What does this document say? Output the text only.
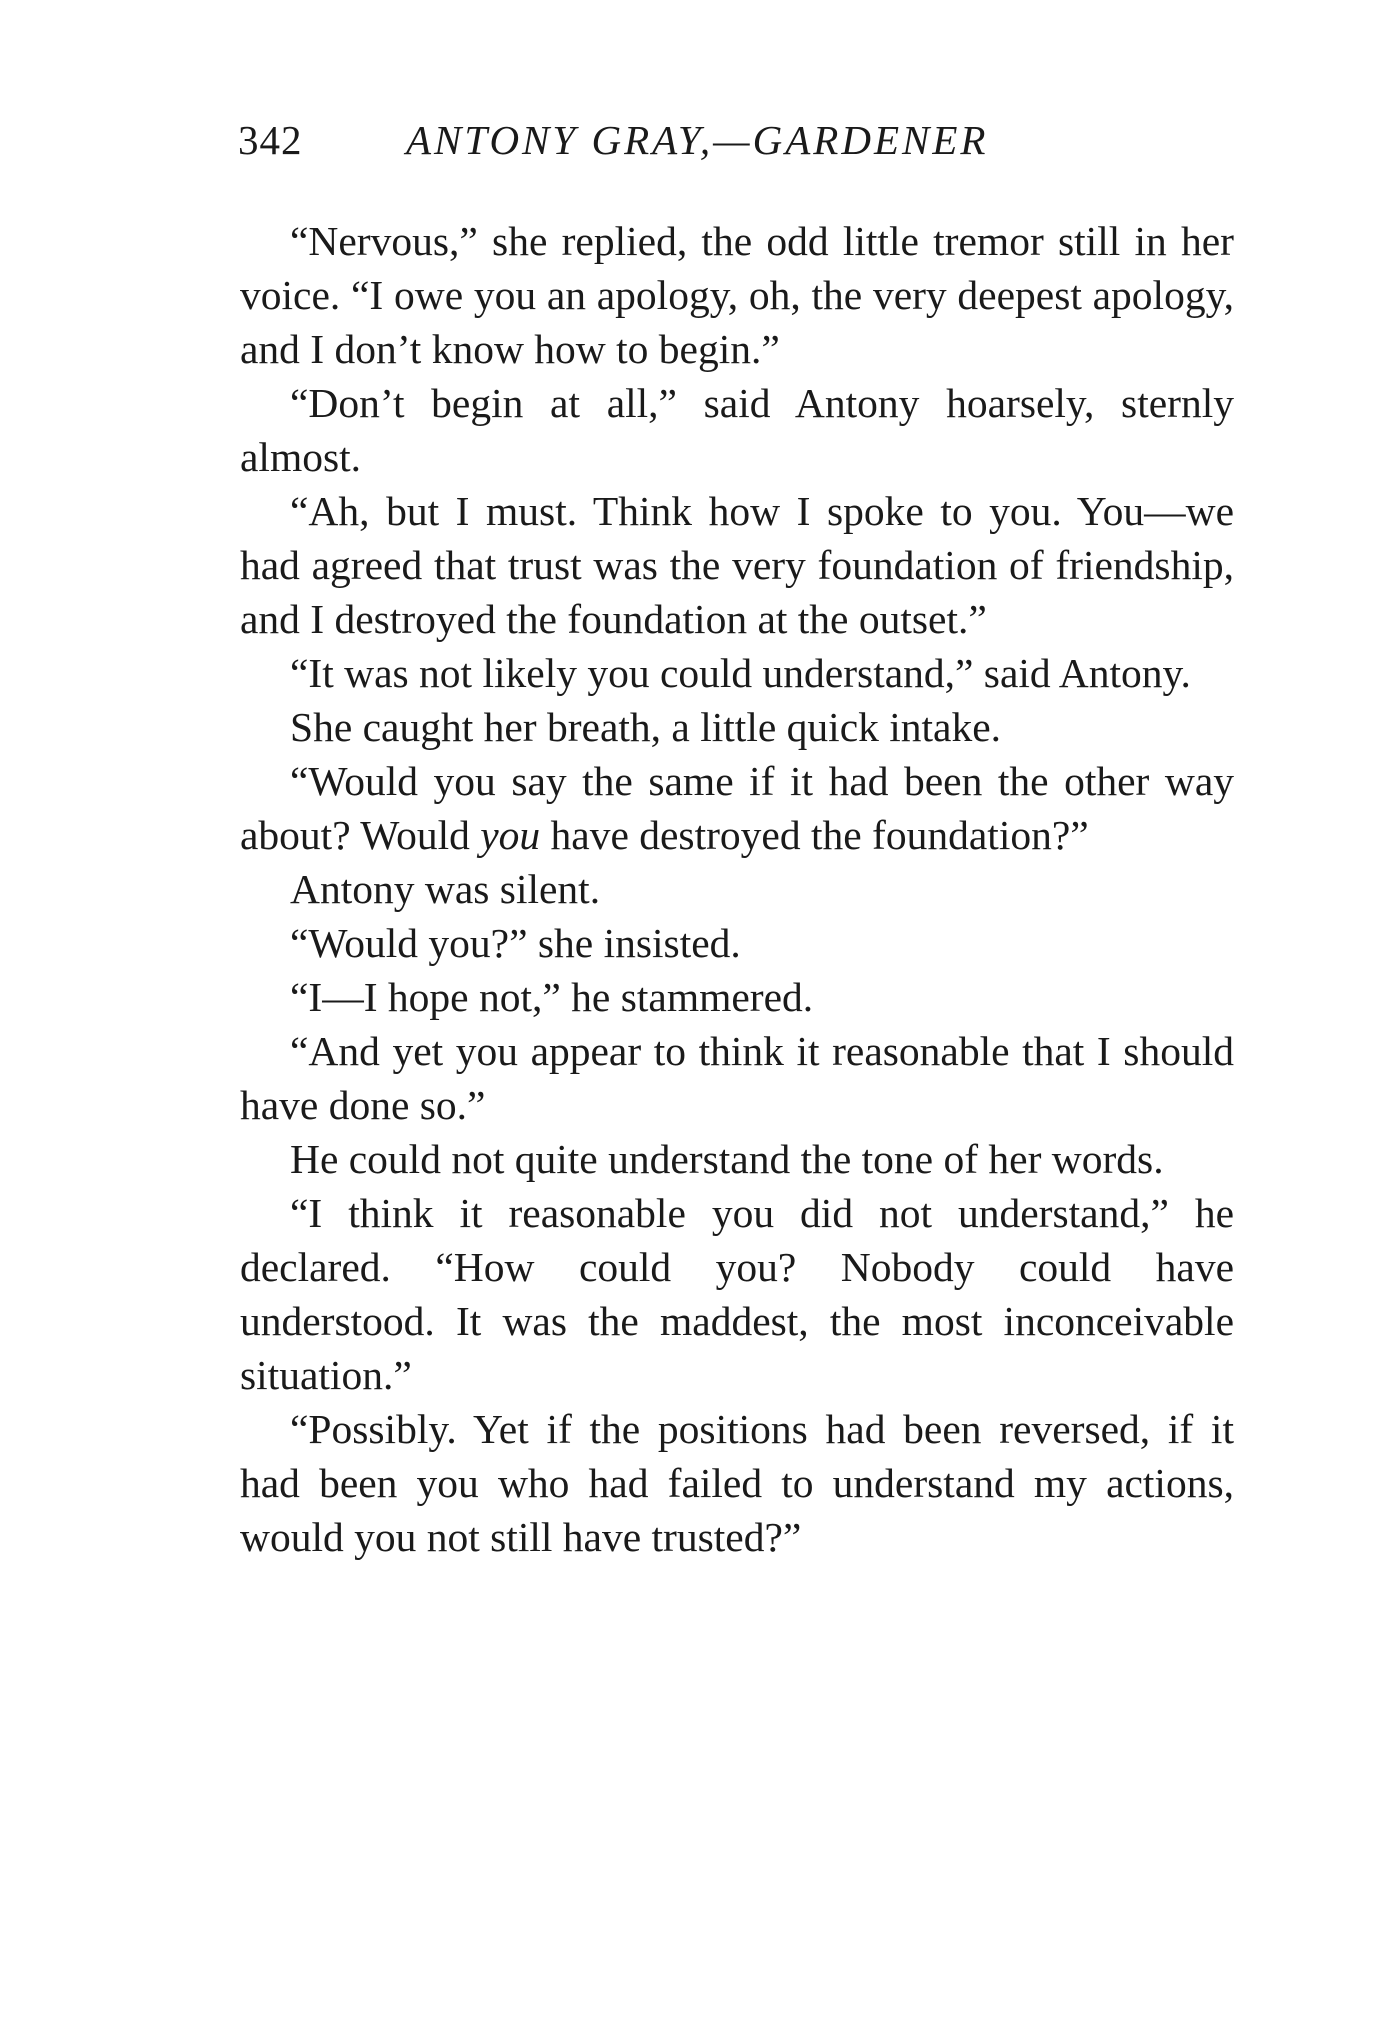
342	ANTONY GRAY,—GARDENER

“Nervous,” she replied, the odd little tremor still in her voice. “I owe you an apology, oh, the very deepest apology, and I don’t know how to begin.”

“Don’t begin at all,” said Antony hoarsely, sternly almost.

“Ah, but I must. Think how I spoke to you. You—we had agreed that trust was the very foundation of friendship, and I destroyed the foundation at the outset.”

“It was not likely you could understand,” said Antony.

She caught her breath, a little quick intake.

“Would you say the same if it had been the other way about? Would you have destroyed the foundation?”

Antony was silent.

“Would you?” she insisted.

“I—I hope not,” he stammered.

“And yet you appear to think it reasonable that I should have done so.”

He could not quite understand the tone of her words.

“I think it reasonable you did not understand,” he declared. “How could you? Nobody could have understood. It was the maddest, the most inconceivable situation.”

“Possibly. Yet if the positions had been reversed, if it had been you who had failed to understand my actions, would you not still have trusted?”
